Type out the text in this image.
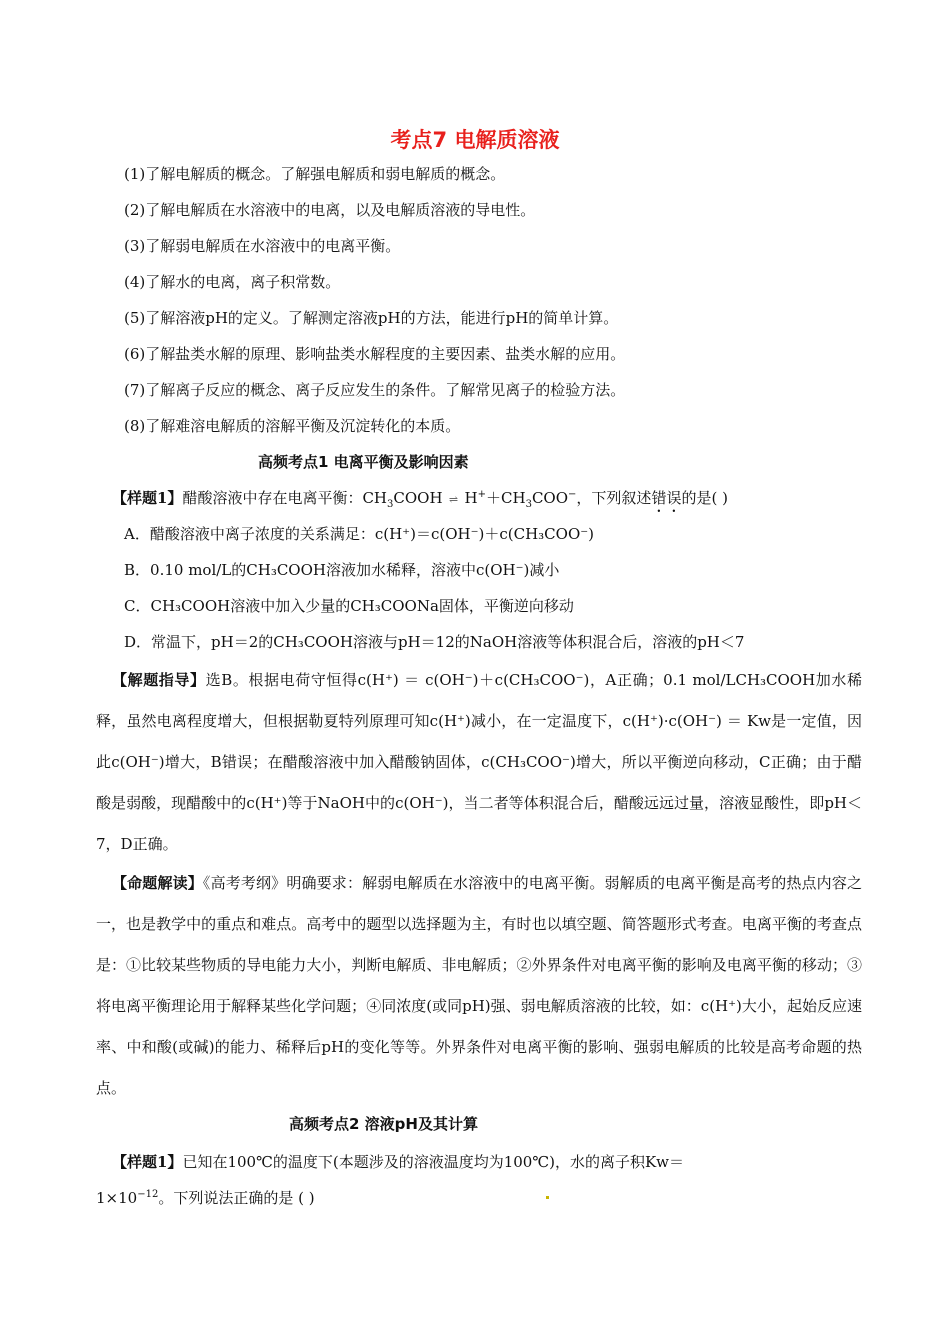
考点7 电解质溶液
(1)了解电解质的概念。了解强电解质和弱电解质的概念。
(2)了解电解质在水溶液中的电离，以及电解质溶液的导电性。
(3)了解弱电解质在水溶液中的电离平衡。
(4)了解水的电离，离子积常数。
(5)了解溶液pH的定义。了解测定溶液pH的方法，能进行pH的简单计算。
(6)了解盐类水解的原理、影响盐类水解程度的主要因素、盐类水解的应用。
(7)了解离子反应的概念、离子反应发生的条件。了解常见离子的检验方法。
(8)了解难溶电解质的溶解平衡及沉淀转化的本质。
高频考点1 电离平衡及影响因素
【样题1】醋酸溶液中存在电离平衡：$CH_3COOH$ ⇌ $H^++CH_3COO^-$，下列叙述错误的是( )
A．醋酸溶液中离子浓度的关系满足：c(H⁺)＝c(OH⁻)＋c(CH₃COO⁻)
B．0.10 mol/L的CH₃COOH溶液加水稀释，溶液中c(OH⁻)减小
C．CH₃COOH溶液中加入少量的CH₃COONa固体，平衡逆向移动
D．常温下，pH＝2的CH₃COOH溶液与pH＝12的NaOH溶液等体积混合后，溶液的pH＜7
【解题指导】选B。根据电荷守恒得c(H⁺) ＝ c(OH⁻)＋c(CH₃COO⁻)，A正确；0.1 mol/LCH₃COOH加水稀释，虽然电离程度增大，但根据勒夏特列原理可知c(H⁺)减小，在一定温度下，c(H⁺)·c(OH⁻) ＝ Kw是一定值，因此c(OH⁻)增大，B错误；在醋酸溶液中加入醋酸钠固体，c(CH₃COO⁻)增大，所以平衡逆向移动，C正确；由于醋酸是弱酸，现醋酸中的c(H⁺)等于NaOH中的c(OH⁻)，当二者等体积混合后，醋酸远远过量，溶液显酸性，即pH＜7，D正确。
【命题解读】《高考考纲》明确要求：解弱电解质在水溶液中的电离平衡。弱解质的电离平衡是高考的热点内容之一，也是教学中的重点和难点。高考中的题型以选择题为主，有时也以填空题、简答题形式考查。电离平衡的考查点是：①比较某些物质的导电能力大小，判断电解质、非电解质；②外界条件对电离平衡的影响及电离平衡的移动；③将电离平衡理论用于解释某些化学问题；④同浓度(或同pH)强、弱电解质溶液的比较，如：c(H⁺)大小，起始反应速率、中和酸(或碱)的能力、稀释后pH的变化等等。外界条件对电离平衡的影响、强弱电解质的比较是高考命题的热点。
高频考点2 溶液pH及其计算
【样题1】已知在100℃的温度下(本题涉及的溶液温度均为100℃)，水的离子积Kw＝
$1\times 10^{-12}$。下列说法正确的是 ( )
